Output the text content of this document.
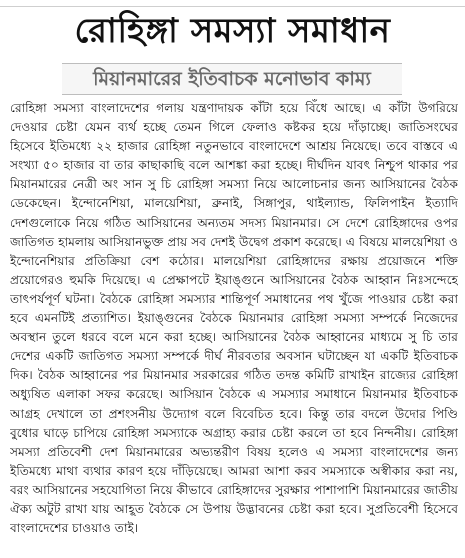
রোহিঙ্গা সমস্যা সমাধান
মিয়ানমারের ইতিবাচক মনোভাব কাম্য

রোহিঙ্গা সমস্যা বাংলাদেশের গলায় যন্ত্রণাদায়ক কাঁটা হয়ে বিঁধে আছে। এ কাঁটা উগরিয়ে দেওয়ার চেষ্টা যেমন ব্যর্থ হচ্ছে তেমন গিলে ফেলাও কষ্টকর হয়ে দাঁড়াচ্ছে। জাতিসংঘের হিসেবে ইতিমধ্যে ২২ হাজার রোহিঙ্গা নতুনভাবে বাংলাদেশে আশ্রয় নিয়েছে। তবে বাস্তবে এ সংখ্যা ৫০ হাজার বা তার কাছাকাছি বলে আশঙ্কা করা হচ্ছে। দীর্ঘদিন যাবৎ নিশ্চুপ থাকার পর মিয়ানমারের নেত্রী অং সান সু চি রোহিঙ্গা সমস্যা নিয়ে আলোচনার জন্য আসিয়ানের বৈঠক ডেকেছেন। ইন্দোনেশিয়া, মালয়েশিয়া, ব্রুনাই, সিঙ্গাপুর, থাইল্যান্ড, ফিলিপাইন ইত্যাদি দেশগুলোকে নিয়ে গঠিত আসিয়ানের অন্যতম সদস্য মিয়ানমার। সে দেশে রোহিঙ্গাদের ওপর জাতিগত হামলায় আসিয়ানভুক্ত প্রায় সব দেশই উদ্বেগ প্রকাশ করেছে। এ বিষয়ে মালয়েশিয়া ও ইন্দোনেশিয়ার প্রতিক্রিয়া বেশ কঠোর। মালয়েশিয়া রোহিঙ্গাদের রক্ষায় প্রয়োজনে শক্তি প্রয়োগেরও হুমকি দিয়েছে। এ প্রেক্ষাপটে ইয়াঙ্গুনে আসিয়ানের বৈঠক আহ্বান নিঃসন্দেহে তাৎপর্যপূর্ণ ঘটনা। বৈঠকে রোহিঙ্গা সমস্যার শান্তিপূর্ণ সমাধানের পথ খুঁজে পাওয়ার চেষ্টা করা হবে এমনটিই প্রত্যাশিত। ইয়াঙ্গুনের বৈঠকে মিয়ানমার রোহিঙ্গা সমস্যা সম্পর্কে নিজেদের অবস্থান তুলে ধরবে বলে মনে করা হচ্ছে। আসিয়ানের বৈঠক আহ্বানের মাধ্যমে সু চি তার দেশের একটি জাতিগত সমস্যা সম্পর্কে দীর্ঘ নীরবতার অবসান ঘটাচ্ছেন যা একটি ইতিবাচক দিক। বৈঠক আহ্বানের পর মিয়ানমার সরকারের গঠিত তদন্ত কমিটি রাখাইন রাজ্যের রোহিঙ্গা অধ্যুষিত এলাকা সফর করেছে। আসিয়ান বৈঠকে এ সমস্যার সমাধানে মিয়ানমার ইতিবাচক আগ্রহ দেখালে তা প্রশংসনীয় উদ্যোগ বলে বিবেচিত হবে। কিন্তু তার বদলে উদোর পিণ্ডি বুধোর ঘাড়ে চাপিয়ে রোহিঙ্গা সমস্যাকে অগ্রাহ্য করার চেষ্টা করলে তা হবে নিন্দনীয়। রোহিঙ্গা সমস্যা প্রতিবেশী দেশ মিয়ানমারের অভ্যন্তরীণ বিষয় হলেও এ সমস্যা বাংলাদেশের জন্য ইতিমধ্যে মাথা ব্যথার কারণ হয়ে দাঁড়িয়েছে। আমরা আশা করব সমস্যাকে অস্বীকার করা নয়, বরং আসিয়ানের সহযোগিতা নিয়ে কীভাবে রোহিঙ্গাদের সুরক্ষার পাশাপাশি মিয়ানমারের জাতীয় ঐক্য অটুট রাখা যায় আহূত বৈঠকে সে উপায় উদ্ভাবনের চেষ্টা করা হবে। সুপ্রতিবেশী হিসেবে বাংলাদেশের চাওয়াও তাই।
